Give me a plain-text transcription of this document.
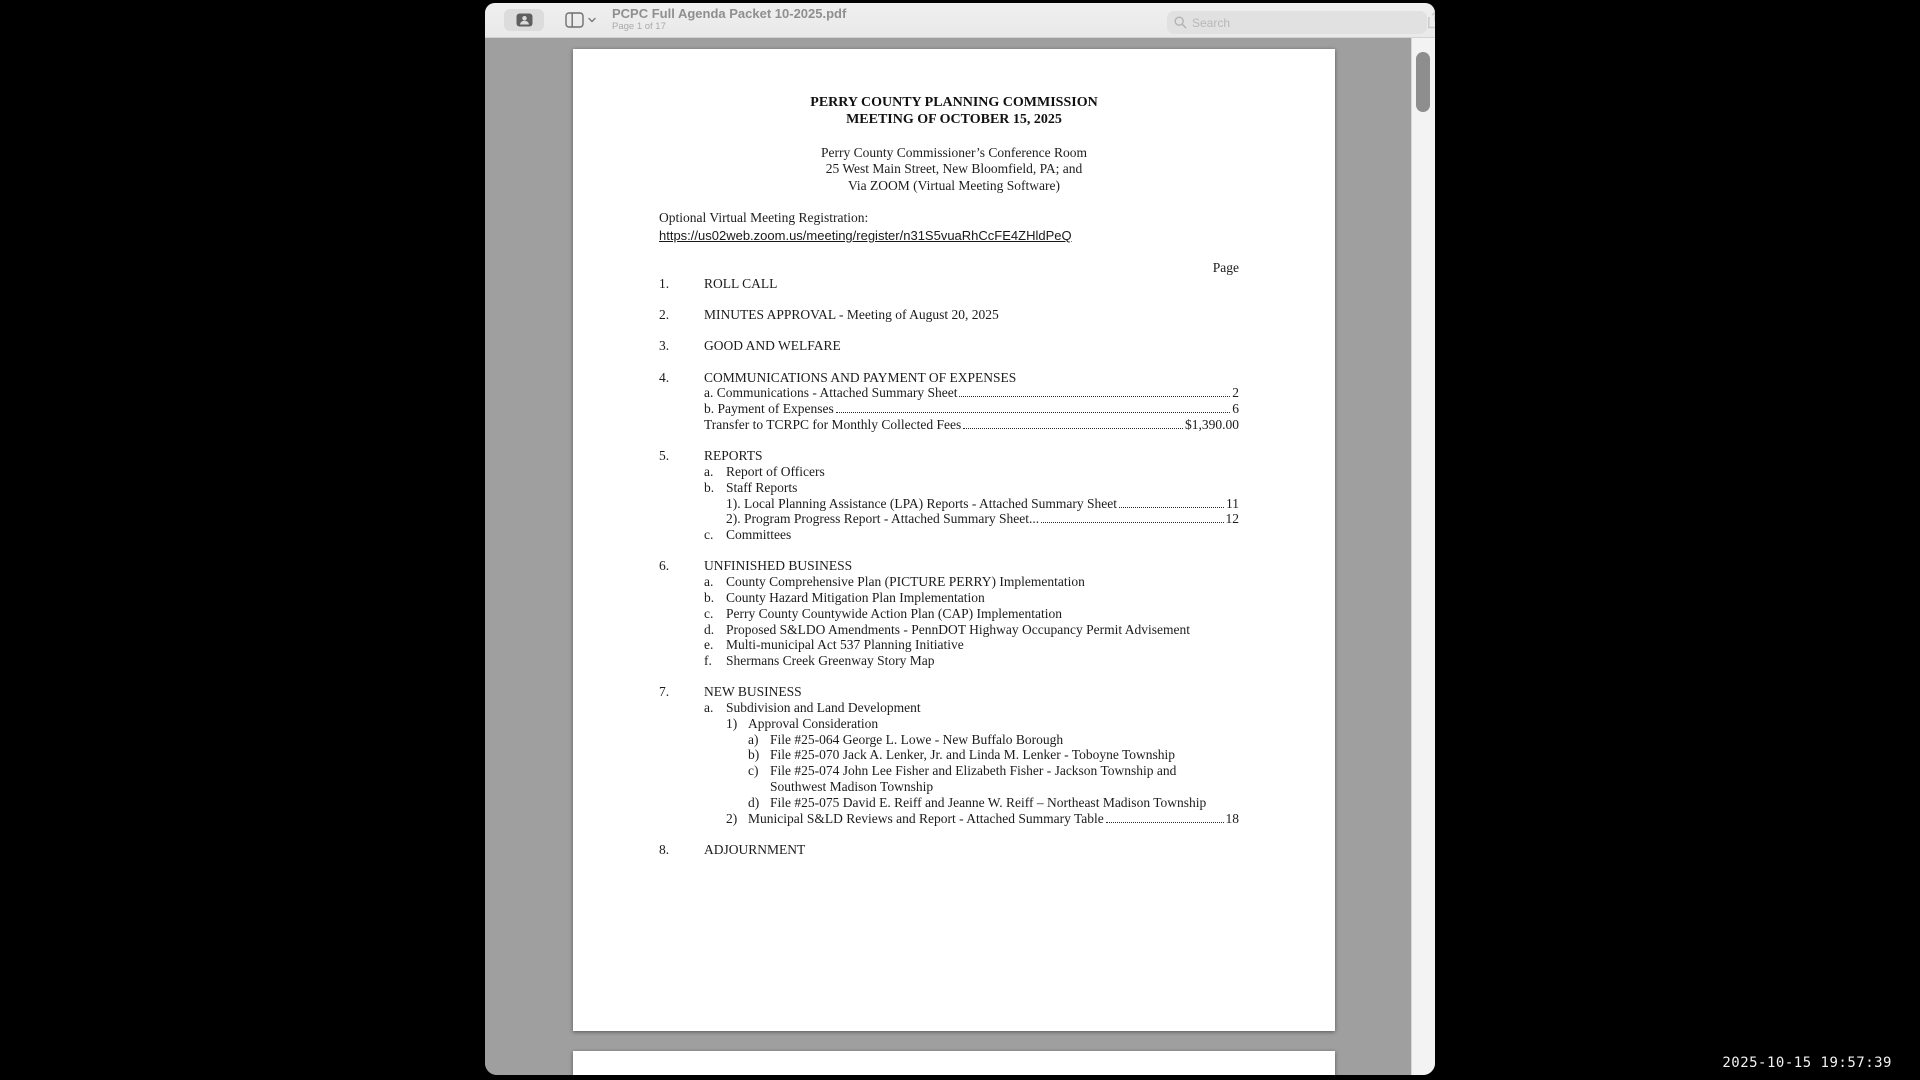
PCPC Full Agenda Packet 10-2025.pdf
Page 1 of 17	Search
PERRY COUNTY PLANNING COMMISSION
MEETING OF OCTOBER 15, 2025
Perry County Commissioner’s Conference Room
25 West Main Street, New Bloomfield, PA; and
Via ZOOM (Virtual Meeting Software)
Optional Virtual Meeting Registration:
https://us02web.zoom.us/meeting/register/n31S5vuaRhCcFE4ZHldPeQ
Page
1.	ROLL CALL
2.	MINUTES APPROVAL - Meeting of August 20, 2025
3.	GOOD AND WELFARE
4.	COMMUNICATIONS AND PAYMENT OF EXPENSES
a. Communications - Attached Summary Sheet	2
b. Payment of Expenses	6
Transfer to TCRPC for Monthly Collected Fees	$1,390.00
5.	REPORTS
a. Report of Officers
b. Staff Reports
1). Local Planning Assistance (LPA) Reports - Attached Summary Sheet	11
2). Program Progress Report - Attached Summary Sheet...	12
c. Committees
6.	UNFINISHED BUSINESS
a. County Comprehensive Plan (PICTURE PERRY) Implementation
b. County Hazard Mitigation Plan Implementation
c. Perry County Countywide Action Plan (CAP) Implementation
d. Proposed S&LDO Amendments - PennDOT Highway Occupancy Permit Advisement
e. Multi-municipal Act 537 Planning Initiative
f.	Shermans Creek Greenway Story Map
7.	NEW BUSINESS
a. Subdivision and Land Development
1) Approval Consideration
a) File #25-064 George L. Lowe - New Buffalo Borough
b) File #25-070 Jack A. Lenker, Jr. and Linda M. Lenker - Toboyne Township
c) File #25-074 John Lee Fisher and Elizabeth Fisher - Jackson Township and
Southwest Madison Township
d) File #25-075 David E. Reiff and Jeanne W. Reiff – Northeast Madison Township
2) Municipal S&LD Reviews and Report - Attached Summary Table	18
8.	ADJOURNMENT
2025-10-15 19:57:39
